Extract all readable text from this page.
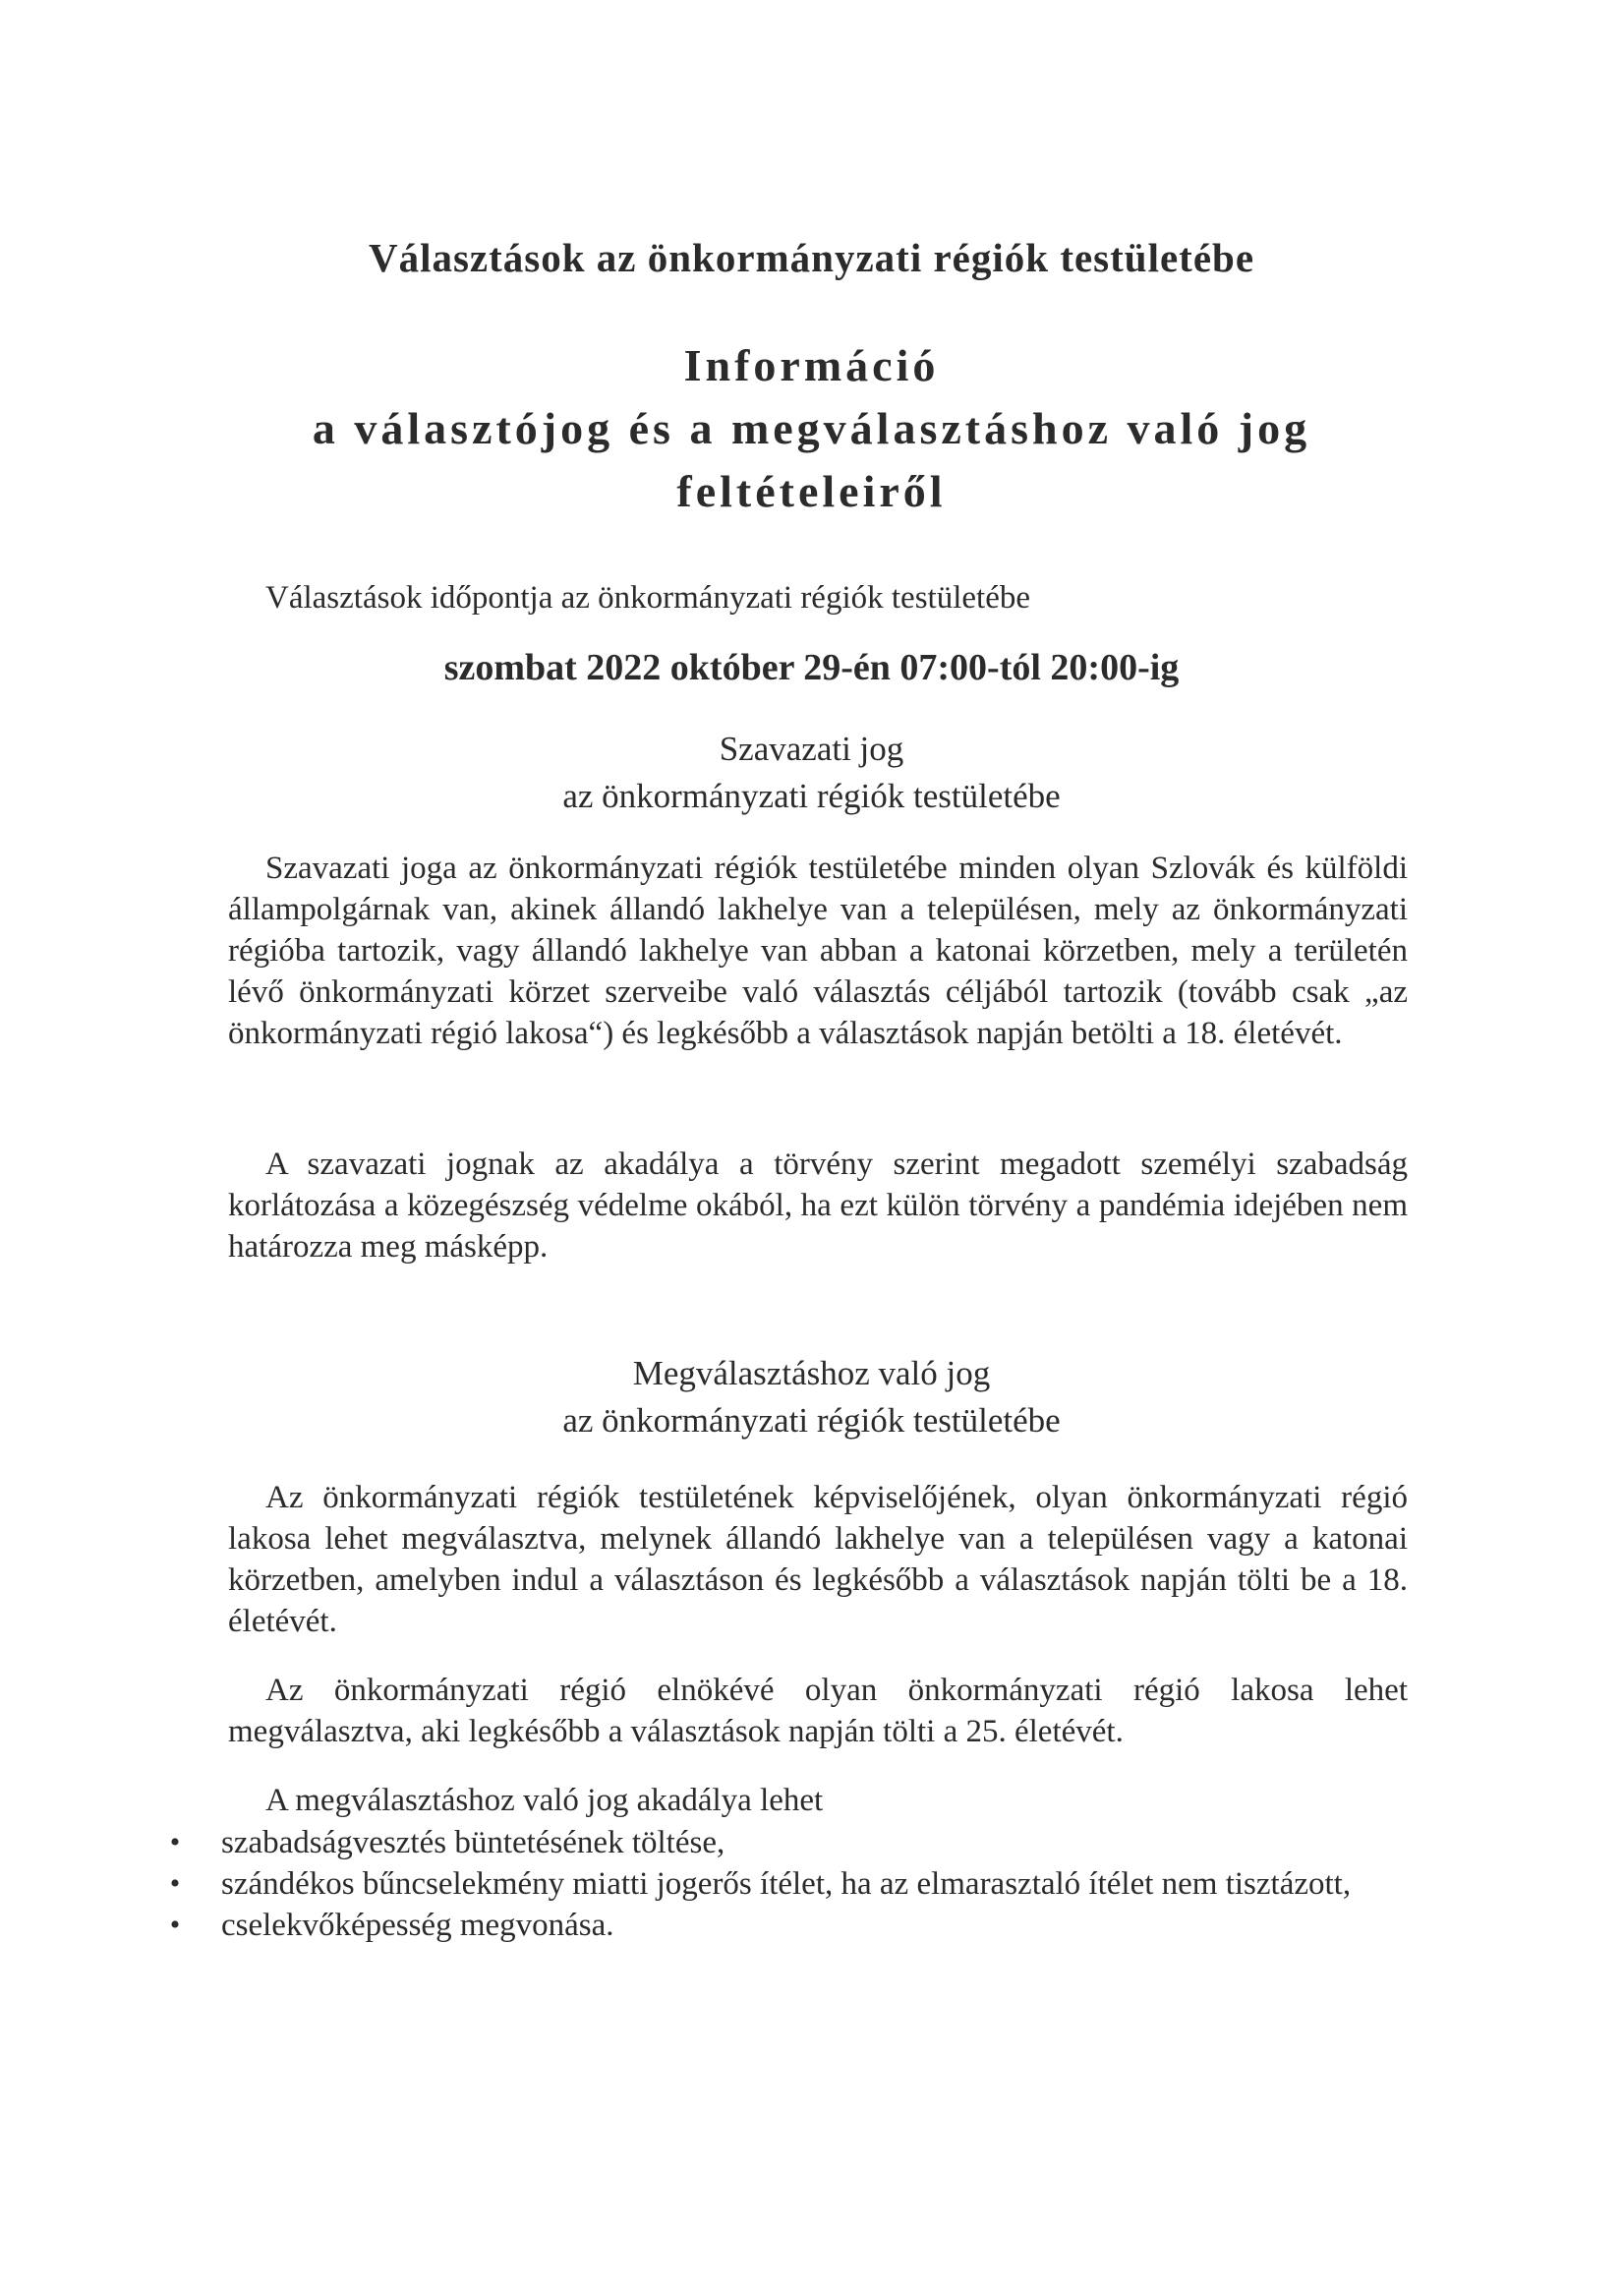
Választások az önkormányzati régiók testületébe
Információ
a választójog és a megválasztáshoz való jog
feltételeiről
Választások időpontja az önkormányzati régiók testületébe
szombat 2022 október 29-én 07:00-tól 20:00-ig
Szavazati jog
az önkormányzati régiók testületébe

Szavazati joga az önkormányzati régiók testületébe minden olyan Szlovák és külföldi állampolgárnak van, akinek állandó lakhelye van a településen, mely az önkormányzati régióba tartozik, vagy állandó lakhelye van abban a katonai körzetben, mely a területén lévő önkormányzati körzet szerveibe való választás céljából tartozik (tovább csak „az önkormányzati régió lakosa“) és legkésőbb a választások napján betölti a 18. életévét.

A szavazati jognak az akadálya a törvény szerint megadott személyi szabadság korlátozása a közegészség védelme okából, ha ezt külön törvény a pandémia idejében nem határozza meg másképp.

Megválasztáshoz való jog
az önkormányzati régiók testületébe

Az önkormányzati régiók testületének képviselőjének, olyan önkormányzati régió lakosa lehet megválasztva, melynek állandó lakhelye van a településen vagy a katonai körzetben, amelyben indul a választáson és legkésőbb a választások napján tölti be a 18. életévét.

Az önkormányzati régió elnökévé olyan önkormányzati régió lakosa lehet megválasztva, aki legkésőbb a választások napján tölti a 25. életévét.

A megválasztáshoz való jog akadálya lehet

• szabadságvesztés büntetésének töltése,
• szándékos bűncselekmény miatti jogerős ítélet, ha az elmarasztaló ítélet nem tisztázott,
• cselekvőképesség megvonása.
